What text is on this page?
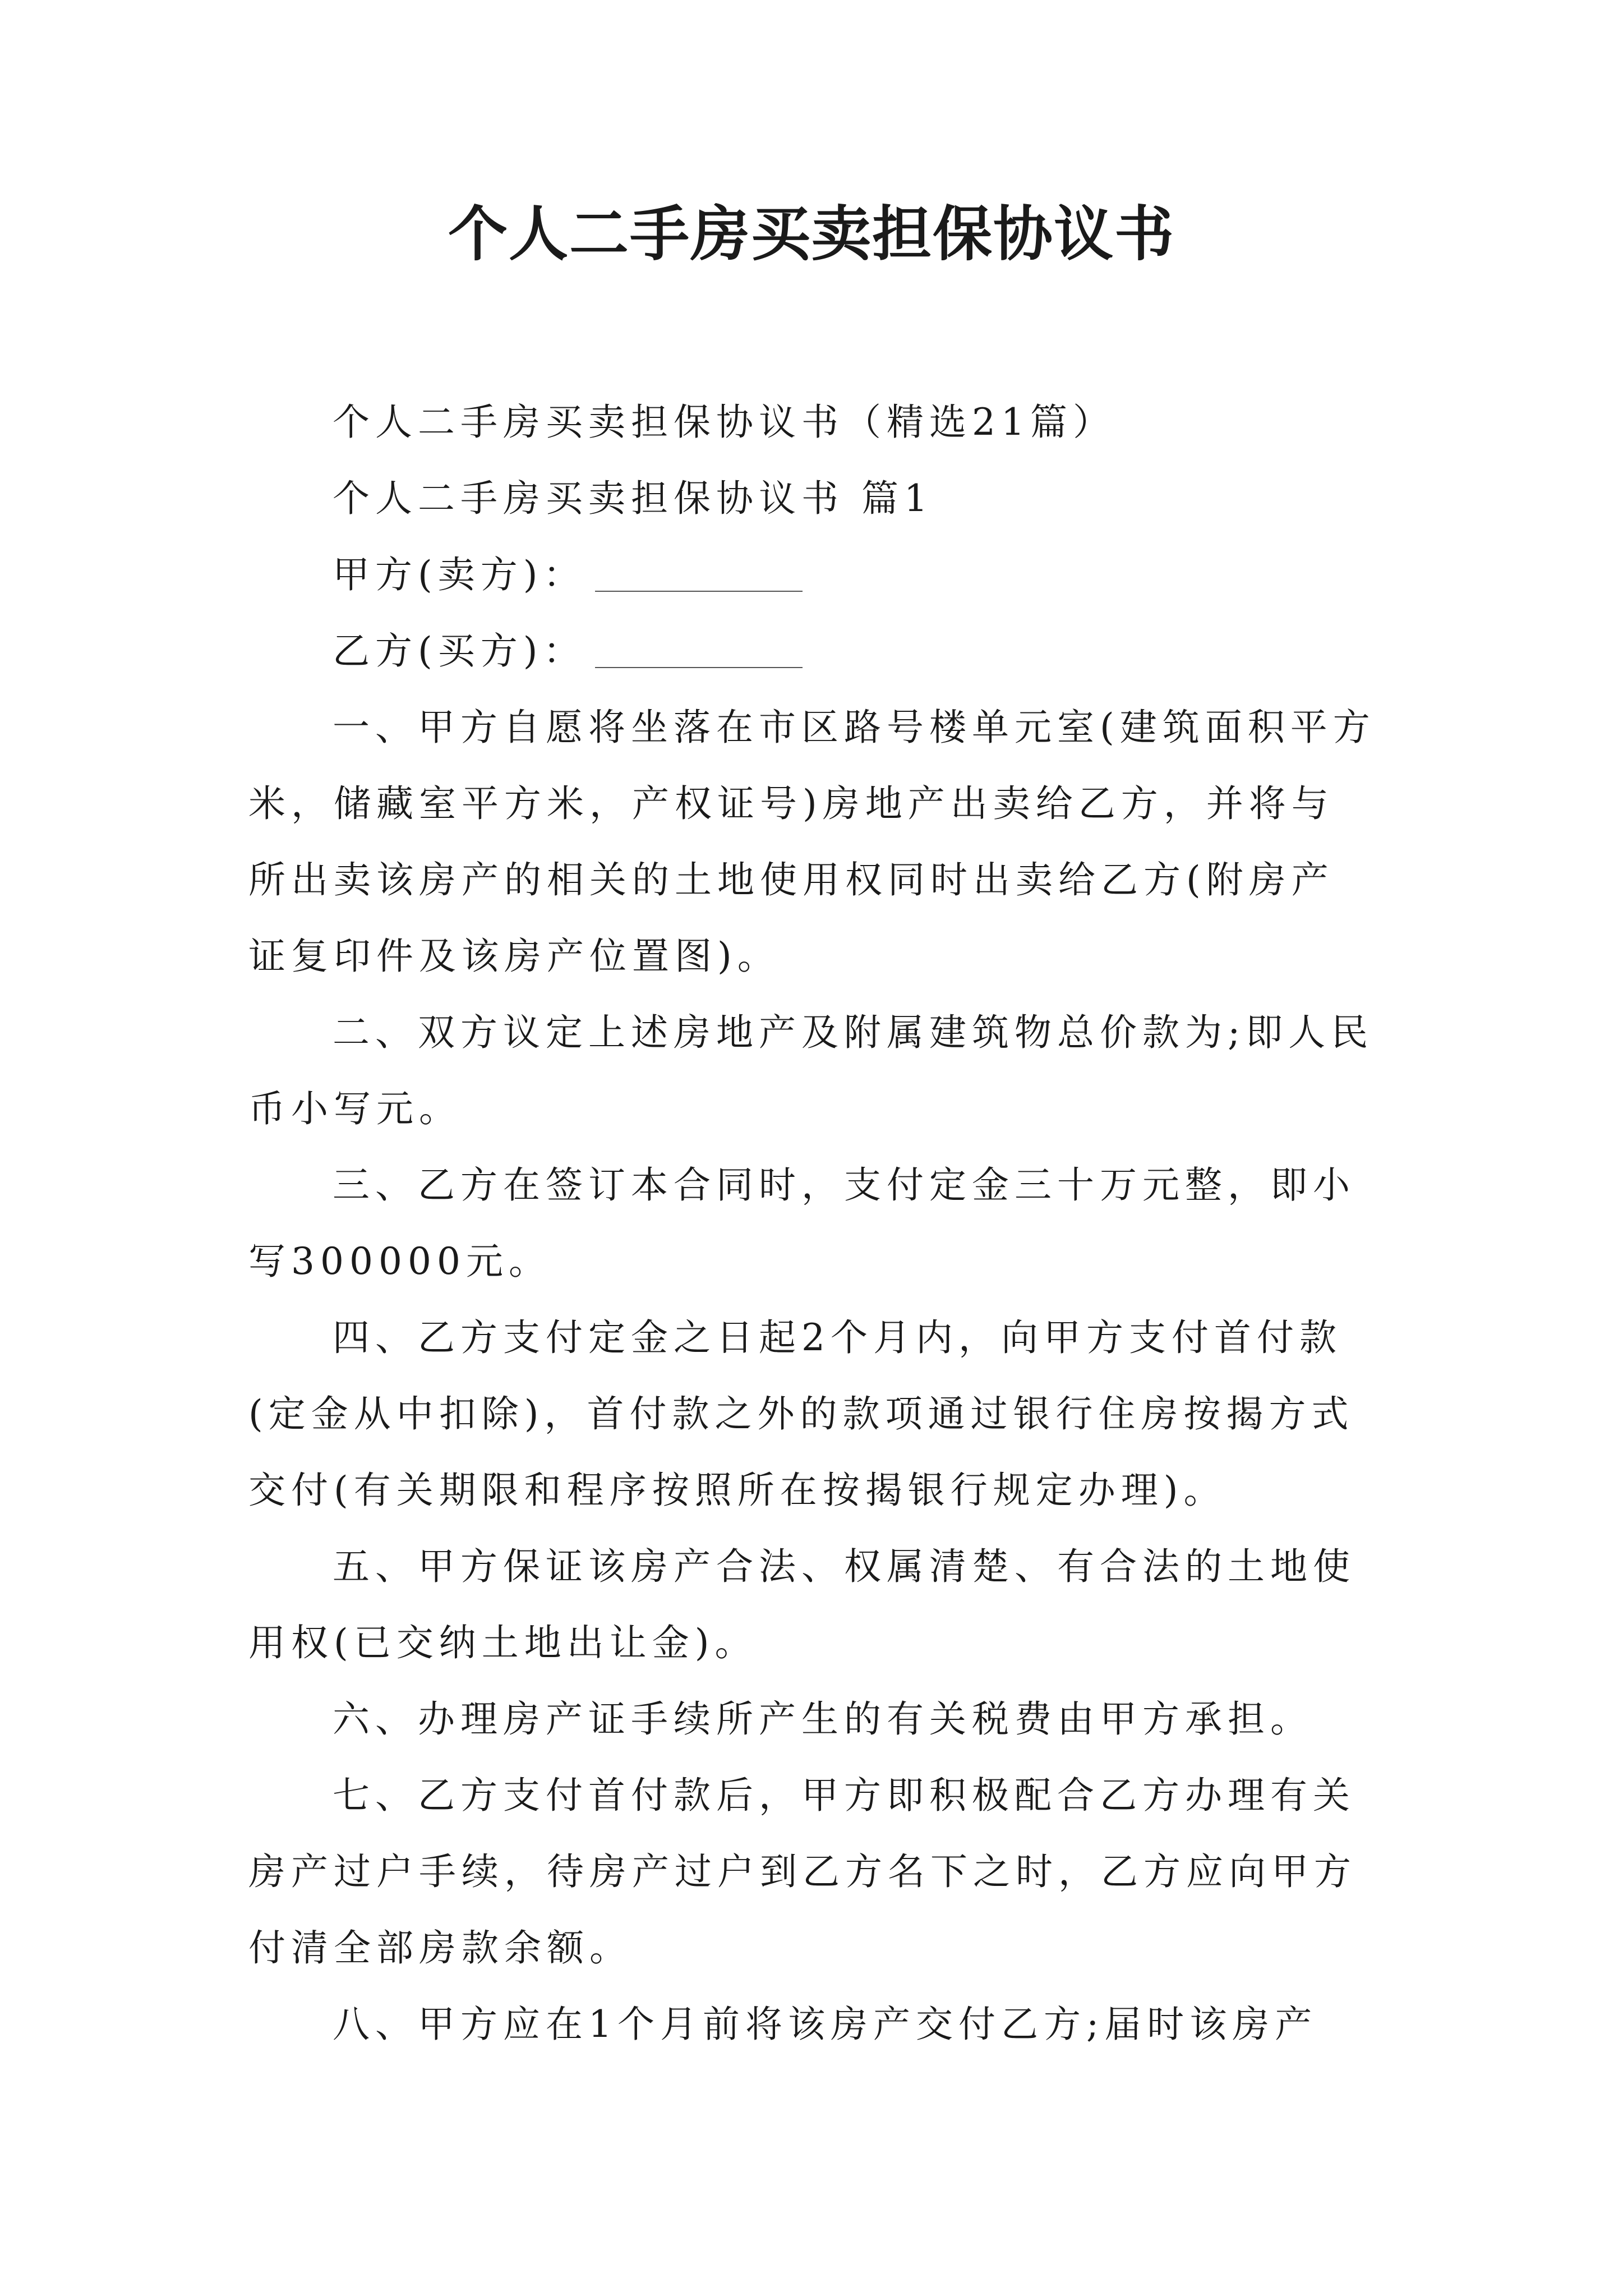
个人二手房买卖担保协议书

个人二手房买卖担保协议书（精选21篇）

个人二手房买卖担保协议书 篇1

甲方(卖方)：

乙方(买方)：

一、甲方自愿将坐落在市区路号楼单元室(建筑面积平方米，储藏室平方米，产权证号)房地产出卖给乙方，并将与所出卖该房产的相关的土地使用权同时出卖给乙方(附房产证复印件及该房产位置图)。

二、双方议定上述房地产及附属建筑物总价款为;即人民币小写元。

三、乙方在签订本合同时，支付定金三十万元整，即小写300000元。

四、乙方支付定金之日起2个月内，向甲方支付首付款(定金从中扣除)，首付款之外的款项通过银行住房按揭方式交付(有关期限和程序按照所在按揭银行规定办理)。

五、甲方保证该房产合法、权属清楚、有合法的土地使用权(已交纳土地出让金)。

六、办理房产证手续所产生的有关税费由甲方承担。

七、乙方支付首付款后，甲方即积极配合乙方办理有关房产过户手续，待房产过户到乙方名下之时，乙方应向甲方付清全部房款余额。

八、甲方应在1个月前将该房产交付乙方;届时该房产
